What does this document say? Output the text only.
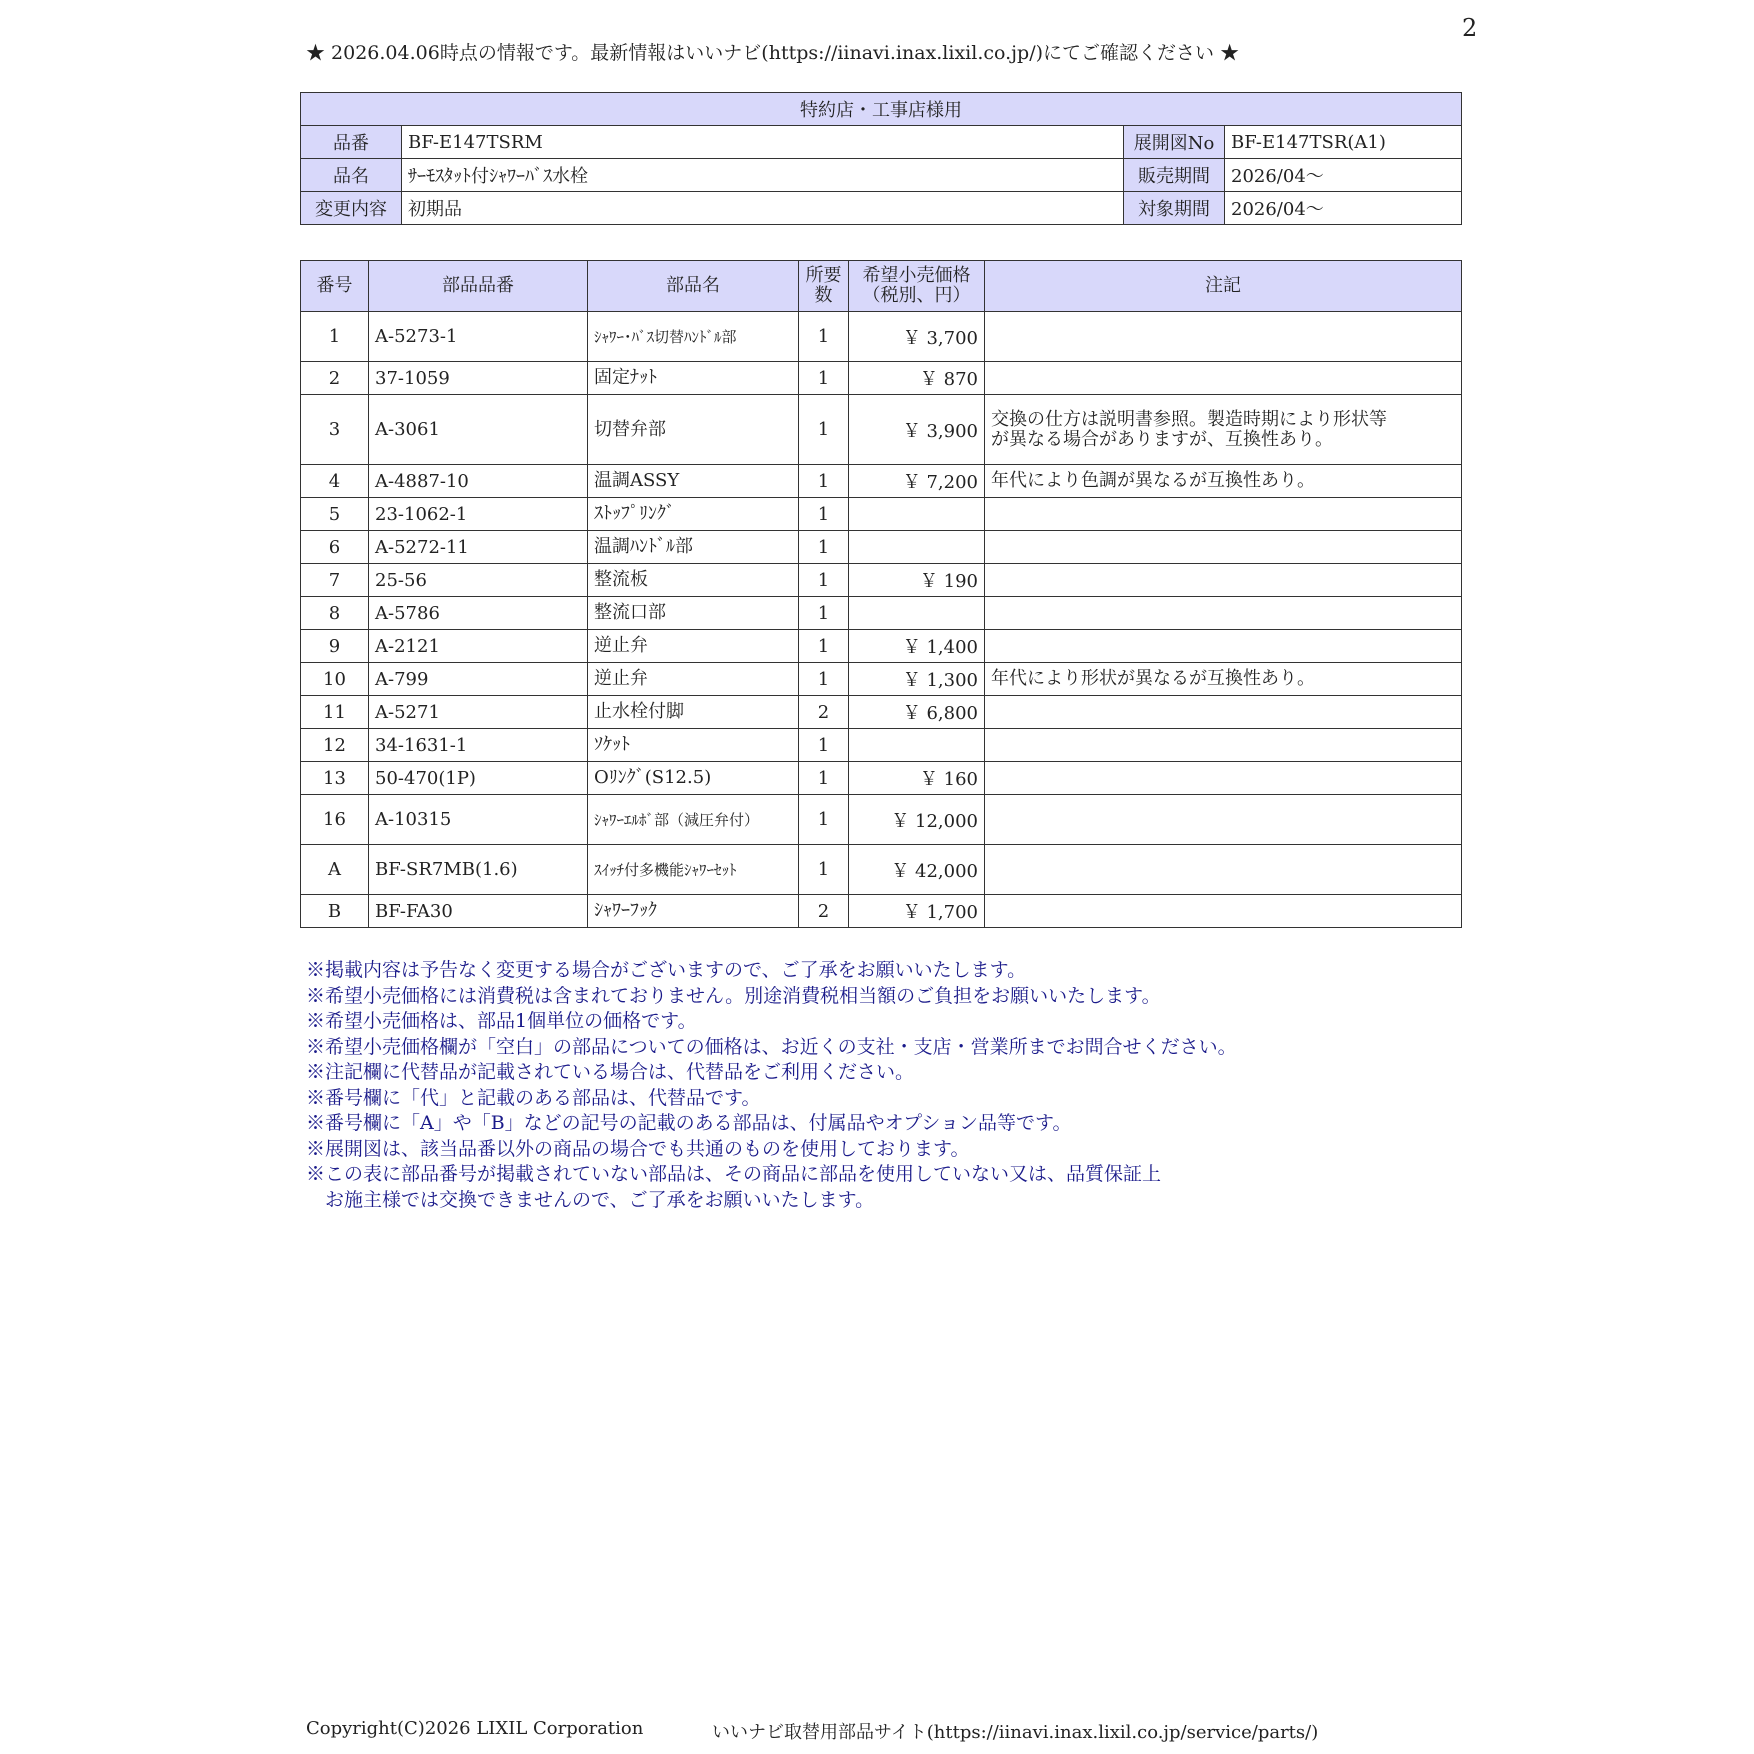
2
★ 2026.04.06時点の情報です。最新情報はいいナビ(https://iinavi.inax.lixil.co.jp/)にてご確認ください ★
特約店・工事店様用			
品番	BF-E147TSRM	展開図No	BF-E147TSR(A1)
品名	ｻｰﾓｽﾀｯﾄ付ｼｬﾜｰﾊﾞｽ水栓	販売期間	2026/04～
変更内容	初期品	対象期間	2026/04～
番号	部品品番	部品名	所要数	希望小売価格（税別、円）	注記
1	A-5273-1	ｼｬﾜｰ･ﾊﾞｽ切替ﾊﾝﾄﾞﾙ部	1	￥ 3,700	
2	37-1059	固定ﾅｯﾄ	1	￥ 870	
3	A-3061	切替弁部	1	￥ 3,900	交換の仕方は説明書参照。製造時期により形状等が異なる場合がありますが、互換性あり。
4	A-4887-10	温調ASSY	1	￥ 7,200	年代により色調が異なるが互換性あり。
5	23-1062-1	ｽﾄｯﾌﾟﾘﾝｸﾞ	1		
6	A-5272-11	温調ﾊﾝﾄﾞﾙ部	1		
7	25-56	整流板	1	￥ 190	
8	A-5786	整流口部	1		
9	A-2121	逆止弁	1	￥ 1,400	
10	A-799	逆止弁	1	￥ 1,300	年代により形状が異なるが互換性あり。
11	A-5271	止水栓付脚	2	￥ 6,800	
12	34-1631-1	ｿｹｯﾄ	1		
13	50-470(1P)	Oﾘﾝｸﾞ(S12.5)	1	￥ 160	
16	A-10315	ｼｬﾜｰｴﾙﾎﾞ部（減圧弁付）	1	￥ 12,000	
A	BF-SR7MB(1.6)	ｽｲｯﾁ付多機能ｼｬﾜｰｾｯﾄ	1	￥ 42,000	
B	BF-FA30	ｼｬﾜｰﾌｯｸ	2	￥ 1,700	
※掲載内容は予告なく変更する場合がございますので、ご了承をお願いいたします。
※希望小売価格には消費税は含まれておりません。別途消費税相当額のご負担をお願いいたします。
※希望小売価格は、部品1個単位の価格です。
※希望小売価格欄が「空白」の部品についての価格は、お近くの支社・支店・営業所までお問合せください。
※注記欄に代替品が記載されている場合は、代替品をご利用ください。
※番号欄に「代」と記載のある部品は、代替品です。
※番号欄に「A」や「B」などの記号の記載のある部品は、付属品やオプション品等です。
※展開図は、該当品番以外の商品の場合でも共通のものを使用しております。
※この表に部品番号が掲載されていない部品は、その商品に部品を使用していない又は、品質保証上
　お施主様では交換できませんので、ご了承をお願いいたします。
Copyright(C)2026 LIXIL Corporation	いいナビ取替用部品サイト(https://iinavi.inax.lixil.co.jp/service/parts/)
